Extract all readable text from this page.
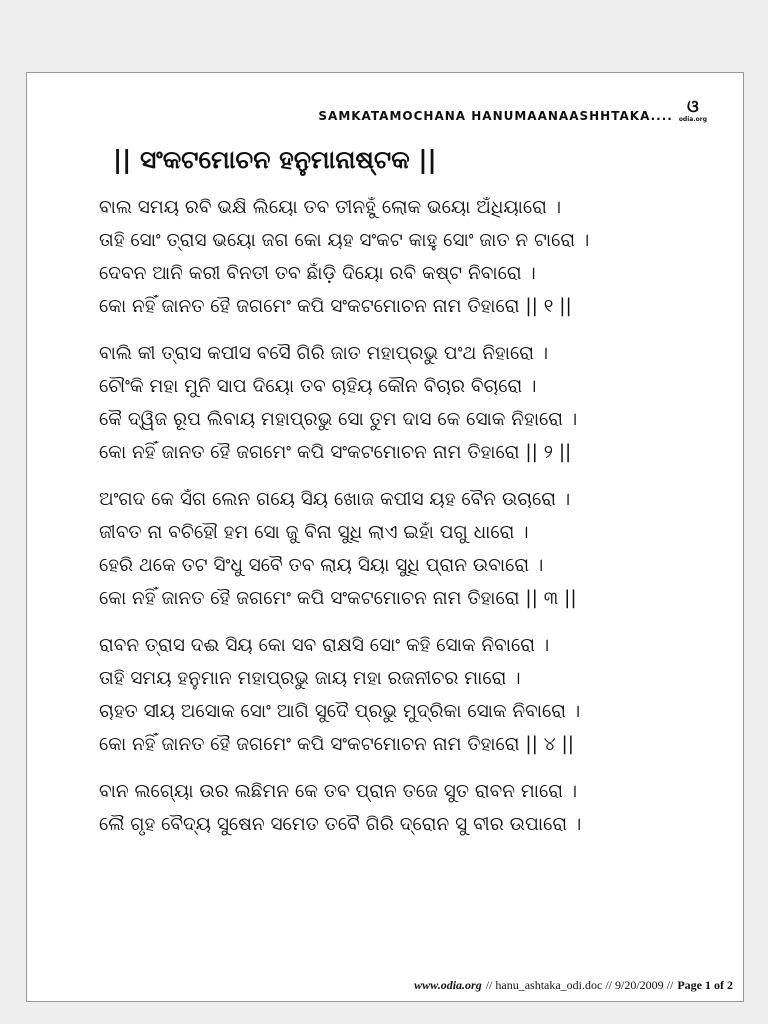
SAMKATAMOCHANA HANUMAANAASHHTAKA.... ଓ
odia.org
|| ସଂକଟମୋଚନ ହନୁମାନାଷ୍ଟକ ||
ବାଲ ସମୟ ରବି ଭକ୍ଷି ଲିୟୋ ତବ ତୀନହୁଁ ଲୋକ ଭୟୋ ଅଁଧିୟାରୋ ।
ତାହି ସୋଂ ତ୍ରାସ ଭୟୋ ଜଗ କୋ ୟହ ସଂକଟ କାହୁ ସୋଂ ଜାତ ନ ଟାରୋ ।
ଦେବନ ଆନି କରୀ ବିନତୀ ତବ ଛାଁଡ଼ି ଦିୟୋ ରବି କଷ୍ଟ ନିବାରୋ ।
କୋ ନହିଁ ଜାନତ ହୈ ଜଗମେଂ କପି ସଂକଟମୋଚନ ନାମ ତିହାରୋ || ୧ ||
ବାଲି କୀ ତ୍ରାସ କପୀସ ବସୈ ଗିରି ଜାତ ମହାପ୍ରଭୁ ପଂଥ ନିହାରୋ ।
ଚୌଂକି ମହା ମୁନି ସାପ ଦିୟୋ ତବ ଚାହିୟ କୌନ ବିଚାର ବିଚାରୋ ।
କୈ ଦ୍ୱିଜ ରୂପ ଲିବାୟ ମହାପ୍ରଭୁ ସୋ ତୁମ ଦାସ କେ ସୋକ ନିହାରୋ ।
କୋ ନହିଁ ଜାନତ ହୈ ଜଗମେଂ କପି ସଂକଟମୋଚନ ନାମ ତିହାରୋ || ୨ ||
ଅଂଗଦ କେ ସଁଗ ଲେନ ଗୟେ ସିୟ ଖୋଜ କପୀସ ୟହ ବୈନ ଉଚାରୋ ।
ଜୀବତ ନା ବଚିହୌ ହମ ସୋ ଜୁ ବିନା ସୁଧି ଲାଏ ଇହାଁ ପଗୁ ଧାରୋ ।
ହେରି ଥକେ ତଟ ସିଂଧୁ ସବୈ ତବ ଲାୟ ସିୟା ସୁଧି ପ୍ରାନ ଉବାରୋ ।
କୋ ନହିଁ ଜାନତ ହୈ ଜଗମେଂ କପି ସଂକଟମୋଚନ ନାମ ତିହାରୋ || ୩ ||
ରାବନ ତ୍ରାସ ଦଈ ସିୟ କୋ ସବ ରାକ୍ଷସି ସୋଂ କହି ସୋକ ନିବାରୋ ।
ତାହି ସମୟ ହନୁମାନ ମହାପ୍ରଭୁ ଜାୟ ମହା ରଜନୀଚର ମାରୋ ।
ଚାହତ ସୀୟ ଅସୋକ ସୋଂ ଆଗି ସୁଦୈ ପ୍ରଭୁ ମୁଦ୍ରିକା ସୋକ ନିବାରୋ ।
କୋ ନହିଁ ଜାନତ ହୈ ଜଗମେଂ କପି ସଂକଟମୋଚନ ନାମ ତିହାରୋ || ୪ ||
ବାନ ଲଗ୍ୟୋ ଉର ଲଛିମନ କେ ତବ ପ୍ରାନ ତଜେ ସୁତ ରାବନ ମାରୋ ।
ଲୈ ଗୃହ ବୈଦ୍ୟ ସୁଷେନ ସମେତ ତବୈ ଗିରି ଦ୍ରୋନ ସୁ ବୀର ଉପାରୋ ।
www.odia.org // hanu_ashtaka_odi.doc // 9/20/2009 // Page 1 of 2
